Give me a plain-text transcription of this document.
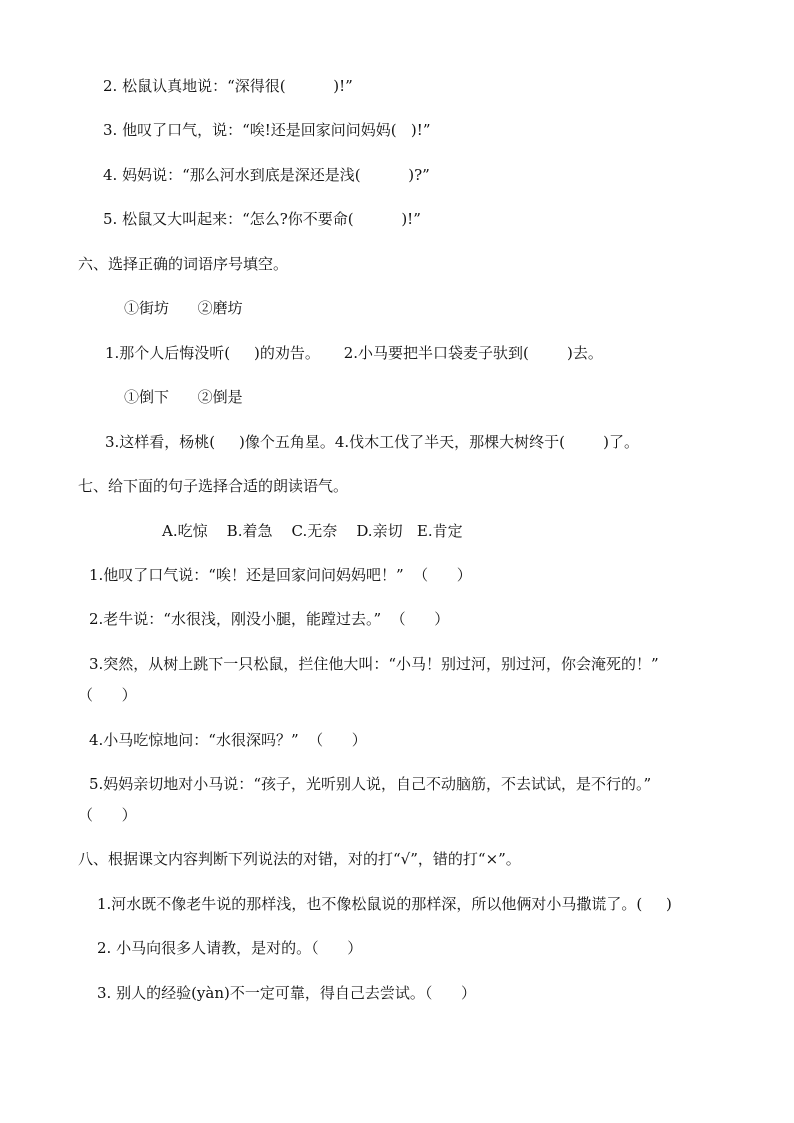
2. 松鼠认真地说：“深得很(          )!”
3. 他叹了口气，说：“唉!还是回家问问妈妈(   )!”
4. 妈妈说：“那么河水到底是深还是浅(          )?”
5. 松鼠又大叫起来：“怎么?你不要命(          )!”
六、选择正确的词语序号填空。
①街坊      ②磨坊
1.那个人后悔没听(     )的劝告。     2.小马要把半口袋麦子驮到(        )去。
①倒下      ②倒是
3.这样看，杨桃(     )像个五角星。4.伐木工伐了半天，那棵大树终于(        )了。
七、给下面的句子选择合适的朗读语气。
A.吃惊    B.着急    C.无奈    D.亲切   E.肯定
1.他叹了口气说：“唉！还是回家问问妈妈吧！”  （      ）
2.老牛说：“水很浅，刚没小腿，能蹚过去。”  （      ）
3.突然，从树上跳下一只松鼠，拦住他大叫：“小马！别过河，别过河，你会淹死的！”
（      ）
4.小马吃惊地问：“水很深吗？”  （      ）
5.妈妈亲切地对小马说：“孩子，光听别人说，自己不动脑筋，不去试试，是不行的。”
（      ）
八、根据课文内容判断下列说法的对错，对的打“√”，错的打“×”。
1.河水既不像老牛说的那样浅，也不像松鼠说的那样深，所以他俩对小马撒谎了。(     )
2. 小马向很多人请教，是对的。（      ）
3. 别人的经验(yàn)不一定可靠，得自己去尝试。（      ）
